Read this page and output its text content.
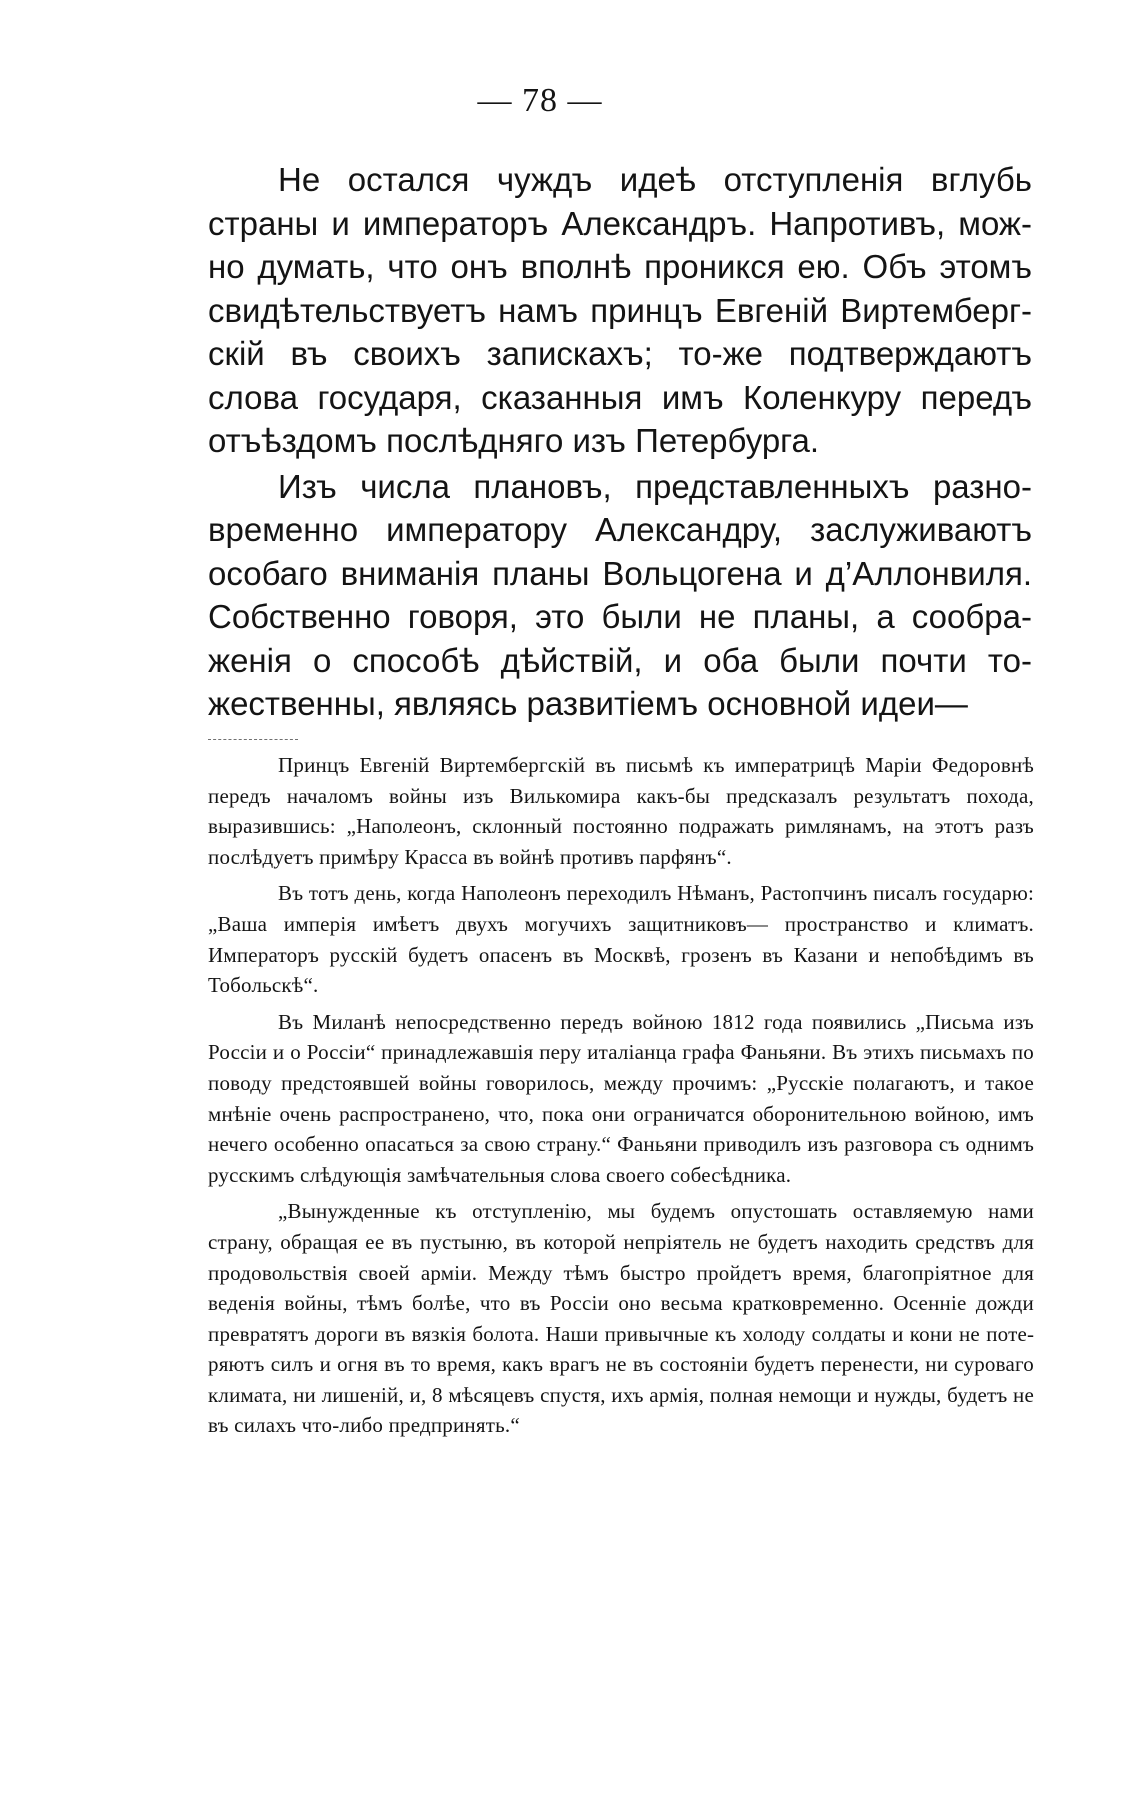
— 78 —

Не остался чуждъ идеѣ отступленія вглубь страны и императоръ Александръ. Напротивъ, можно думать, что онъ вполнѣ проникся ею. Объ этомъ свидѣтельствуетъ намъ принцъ Евгеній Виртембергскій въ своихъ запискахъ; то-же подтверждаютъ слова государя, сказанныя имъ Коленкуру передъ отъѣздомъ послѣдняго изъ Петербурга.

Изъ числа плановъ, представленныхъ разновременно императору Александру, заслуживаютъ особаго вниманія планы Вольцогена и д’Аллонвиля. Собственно говоря, это были не планы, а соображенія о способѣ дѣйствій, и оба были почти тожественны, являясь развитіемъ основной идеи—

Принцъ Евгеній Виртембергскій въ письмѣ къ императрицѣ Маріи Федоровнѣ передъ началомъ войны изъ Вилькомира какъ-бы предсказалъ результатъ похода, выразившись: „Наполеонъ, склонный постоянно подражать римлянамъ, на этотъ разъ послѣдуетъ примѣру Красса въ войнѣ противъ парфянъ“.

Въ тотъ день, когда Наполеонъ переходилъ Нѣманъ, Растопчинъ писалъ государю: „Ваша имперія имѣетъ двухъ могучихъ защитниковъ— пространство и климатъ. Императоръ русскій будетъ опасенъ въ Москвѣ, грозенъ въ Казани и непобѣдимъ въ Тобольскѣ“.

Въ Миланѣ непосредственно передъ войною 1812 года появились „Письма изъ Россіи и о Россіи“ принадлежавшія перу италіанца графа Фаньяни. Въ этихъ письмахъ по поводу предстоявшей войны говорилось, между прочимъ: „Русскіе полагаютъ, и такое мнѣніе очень распространено, что, пока они ограничатся оборонительною войною, имъ нечего особенно опасаться за свою страну.“ Фаньяни приводилъ изъ разговора съ однимъ русскимъ слѣдующія замѣчательныя слова своего собесѣдника.

„Вынужденные къ отступленію, мы будемъ опустошать оставляемую нами страну, обращая ее въ пустыню, въ которой непріятель не будетъ находить средствъ для продовольствія своей арміи. Между тѣмъ быстро пройдетъ время, благопріятное для веденія войны, тѣмъ болѣе, что въ Россіи оно весьма кратковременно. Осенніе дожди превратятъ дороги въ вязкія болота. Наши привычные къ холоду солдаты и кони не потеряютъ силъ и огня въ то время, какъ врагъ не въ состояніи будетъ перенести, ни суроваго климата, ни лишеній, и, 8 мѣсяцевъ спустя, ихъ армія, полная немощи и нужды, будетъ не въ силахъ что-либо предпринять.“
